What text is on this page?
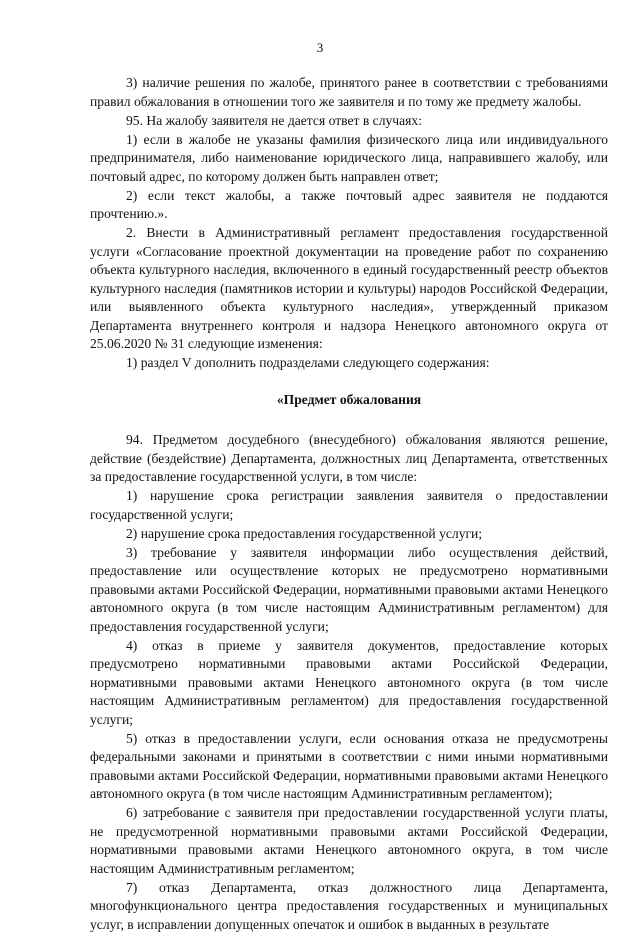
3

3) наличие решения по жалобе, принятого ранее в соответствии с требованиями правил обжалования в отношении того же заявителя и по тому же предмету жалобы.

95. На жалобу заявителя не дается ответ в случаях:

1) если в жалобе не указаны фамилия физического лица или индивидуального предпринимателя, либо наименование юридического лица, направившего жалобу, или почтовый адрес, по которому должен быть направлен ответ;

2) если текст жалобы, а также почтовый адрес заявителя не поддаются прочтению.».

2. Внести в Административный регламент предоставления государственной услуги «Согласование проектной документации на проведение работ по сохранению объекта культурного наследия, включенного в единый государственный реестр объектов культурного наследия (памятников истории и культуры) народов Российской Федерации, или выявленного объекта культурного наследия», утвержденный приказом Департамента внутреннего контроля и надзора Ненецкого автономного округа от 25.06.2020 № 31 следующие изменения:

1) раздел V дополнить подразделами следующего содержания:

«Предмет обжалования

94. Предметом досудебного (внесудебного) обжалования являются решение, действие (бездействие) Департамента, должностных лиц Департамента, ответственных за предоставление государственной услуги, в том числе:

1) нарушение срока регистрации заявления заявителя о предоставлении государственной услуги;

2) нарушение срока предоставления государственной услуги;

3) требование у заявителя информации либо осуществления действий, предоставление или осуществление которых не предусмотрено нормативными правовыми актами Российской Федерации, нормативными правовыми актами Ненецкого автономного округа (в том числе настоящим Административным регламентом) для предоставления государственной услуги;

4) отказ в приеме у заявителя документов, предоставление которых предусмотрено нормативными правовыми актами Российской Федерации, нормативными правовыми актами Ненецкого автономного округа (в том числе настоящим Административным регламентом) для предоставления государственной услуги;

5) отказ в предоставлении услуги, если основания отказа не предусмотрены федеральными законами и принятыми в соответствии с ними иными нормативными правовыми актами Российской Федерации, нормативными правовыми актами Ненецкого автономного округа (в том числе настоящим Административным регламентом);

6) затребование с заявителя при предоставлении государственной услуги платы, не предусмотренной нормативными правовыми актами Российской Федерации, нормативными правовыми актами Ненецкого автономного округа, в том числе настоящим Административным регламентом;

7) отказ Департамента, отказ должностного лица Департамента, многофункционального центра предоставления государственных и муниципальных услуг, в исправлении допущенных опечаток и ошибок в выданных в результате
